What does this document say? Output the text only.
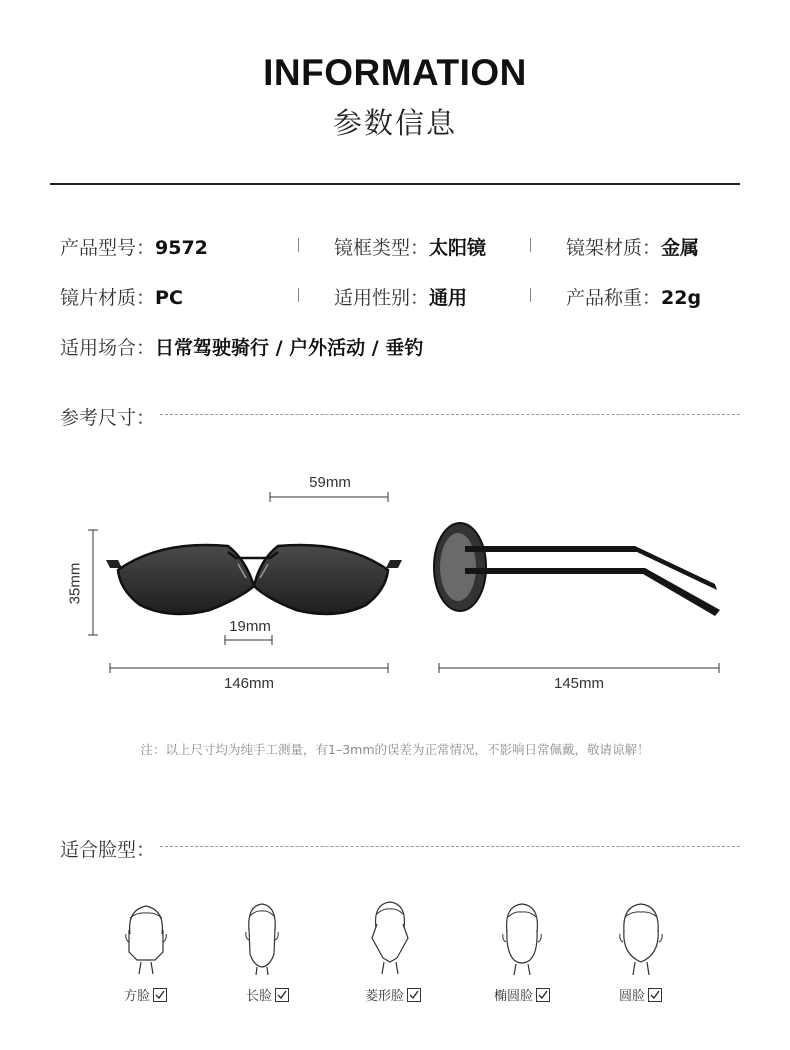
INFORMATION
参数信息
产品型号：9572	镜框类型：太阳镜	镜架材质：金属
镜片材质：PC	适用性别：通用	产品称重：22g
适用场合：日常驾驶骑行 / 户外活动 / 垂钓
参考尺寸：
59mm
35mm
19mm
146mm	145mm
注：以上尺寸均为纯手工测量，有1–3mm的误差为正常情况，不影响日常佩戴，敬请谅解！
适合脸型：
方脸	长脸	菱形脸	椭圆脸	圆脸
